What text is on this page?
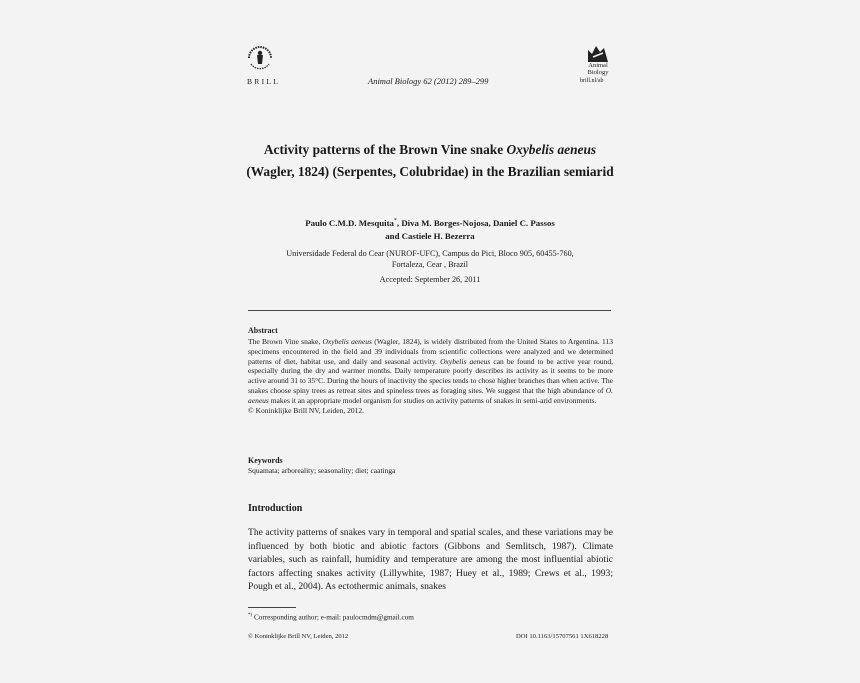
BRILL	Animal Biology 62 (2012) 289–299
Animal
Biology
brill.nl/ab
Activity patterns of the Brown Vine snake Oxybelis aeneus (Wagler, 1824) (Serpentes, Colubridae) in the Brazilian semiarid
Paulo C.M.D. Mesquita*, Diva M. Borges-Nojosa, Daniel C. Passos
and Castiele H. Bezerra
Universidade Federal do Cear (NUROF-UFC), Campus do Pici, Bloco 905, 60455-760,
Fortaleza, Cear , Brazil
Accepted: September 26, 2011
Abstract
The Brown Vine snake, Oxybelis aeneus (Wagler, 1824), is widely distributed from the United States to Argentina. 113 specimens encountered in the field and 39 individuals from scientific collections were analyzed and we determined patterns of diet, habitat use, and daily and seasonal activity. Oxybelis aeneus can be found to be active year round, especially during the dry and warmer months. Daily temperature poorly describes its activity as it seems to be more active around 31 to 35°C. During the hours of inactivity the species tends to chose higher branches than when active. The snakes choose spiny trees as retreat sites and spineless trees as foraging sites. We suggest that the high abundance of O. aeneus makes it an appropriate model organism for studies on activity patterns of snakes in semi-arid environments.
© Koninklijke Brill NV, Leiden, 2012.
Keywords
Squamata; arboreality; seasonality; diet; caatinga
Introduction
The activity patterns of snakes vary in temporal and spatial scales, and these variations may be influenced by both biotic and abiotic factors (Gibbons and Semlitsch, 1987). Climate variables, such as rainfall, humidity and temperature are among the most influential abiotic factors affecting snakes activity (Lillywhite, 1987; Huey et al., 1989; Crews et al., 1993; Pough et al., 2004). As ectothermic animals, snakes
*) Corresponding author; e-mail: paulocmdm@gmail.com
© Koninklijke Brill NV, Leiden, 2012	DOI 10.1163/15707561 1X618228
